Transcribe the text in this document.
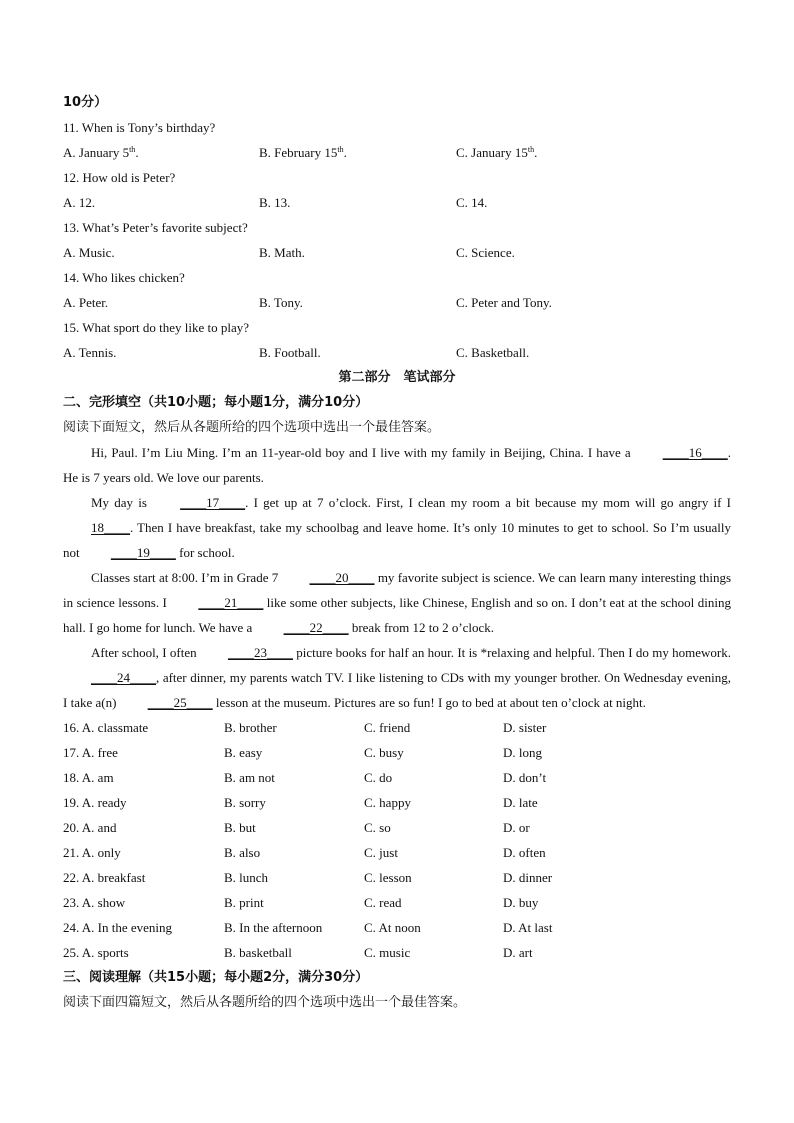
10分）
11. When is Tony’s birthday?
A. January 5th.	B. February 15th.	C. January 15th.
12. How old is Peter?
A. 12.	B. 13.	C. 14.
13. What’s Peter’s favorite subject?
A. Music.	B. Math.	C. Science.
14. Who likes chicken?
A. Peter.	B. Tony.	C. Peter and Tony.
15. What sport do they like to play?
A. Tennis.	B. Football.	C. Basketball.
第二部分　笔试部分
二、完形填空（共10小题；每小题1分，满分10分）
阅读下面短文，然后从各题所给的四个选项中选出一个最佳答案。

Hi, Paul. I’m Liu Ming. I’m an 11-year-old boy and I live with my family in Beijing, China. I have a ____16____. He is 7 years old. We love our parents.

My day is ____17____. I get up at 7 o’clock. First, I clean my room a bit because my mom will go angry if I 18____. Then I have breakfast, take my schoolbag and leave home. It’s only 10 minutes to get to school. So I’m usually not ____19____ for school.

Classes start at 8:00. I’m in Grade 7 ____20____ my favorite subject is science. We can learn many interesting things in science lessons. I ____21____ like some other subjects, like Chinese, English and so on. I don’t eat at the school dining hall. I go home for lunch. We have a ____22____ break from 12 to 2 o’clock.

After school, I often ____23____ picture books for half an hour. It is *relaxing and helpful. Then I do my homework. ____24____, after dinner, my parents watch TV. I like listening to CDs with my younger brother. On Wednesday evening, I take a(n) ____25____ lesson at the museum. Pictures are so fun! I go to bed at about ten o’clock at night.

16. A. classmate	B. brother	C. friend	D. sister
17. A. free	B. easy	C. busy	D. long
18. A. am	B. am not	C. do	D. don’t
19. A. ready	B. sorry	C. happy	D. late
20. A. and	B. but	C. so	D. or
21. A. only	B. also	C. just	D. often
22. A. breakfast	B. lunch	C. lesson	D. dinner
23. A. show	B. print	C. read	D. buy
24. A. In the evening	B. In the afternoon	C. At noon	D. At last
25. A. sports	B. basketball	C. music	D. art
三、阅读理解（共15小题；每小题2分，满分30分）
阅读下面四篇短文，然后从各题所给的四个选项中选出一个最佳答案。
